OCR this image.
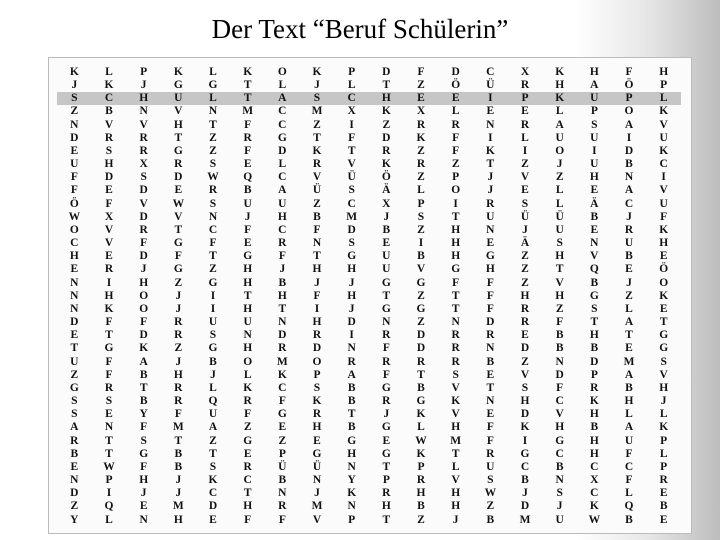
Der Text “Beruf Schülerin”
K	L	P	K	L	K	O	K	P	D	F	D	C	X	K	H	F	H
J	K	J	G	G	T	L	J	L	T	Z	Ö	Ü	R	H	A	Ö	P
S	C	H	U	L	T	A	S	C	H	E	E	I	P	K	U	P	L
Z	B	N	V	N	M	C	M	X	K	X	L	E	E	L	P	O	K
N	V	V	H	T	F	C	Z	I	Z	R	R	N	R	A	S	A	V
D	R	R	T	Z	R	G	T	F	D	K	F	I	L	U	U	I	U
E	S	R	G	Z	F	D	K	T	R	Z	F	K	I	O	I	D	K
U	H	X	R	S	E	L	R	V	K	R	Z	T	Z	J	U	B	C
F	D	S	D	W	Q	C	V	Ü	Ö	Z	P	J	V	Z	H	N	I
F	E	D	E	R	B	A	Ü	S	Ä	L	O	J	E	L	E	A	V
Ö	F	V	W	S	U	U	Z	C	X	P	I	R	S	L	Ä	C	U
W	X	D	V	N	J	H	B	M	J	S	T	U	Ü	Ü	B	J	F
O	V	R	T	C	F	C	F	D	B	Z	H	N	J	U	E	R	K
C	V	F	G	F	E	R	N	S	E	I	H	E	Ä	S	N	U	H
H	E	D	F	T	G	F	T	G	U	B	H	G	Z	H	V	B	E
E	R	J	G	Z	H	J	H	H	U	V	G	H	Z	T	Q	E	Ö
N	I	H	Z	G	H	B	J	J	G	G	F	F	Z	V	B	J	O
N	H	O	J	I	T	H	F	H	T	Z	T	F	H	H	G	Z	K
N	K	O	J	I	H	T	I	J	G	G	T	F	R	Z	S	L	E
D	F	F	R	U	U	N	H	D	N	Z	N	D	R	F	T	A	T
E	T	D	R	S	N	D	R	I	R	D	R	R	E	B	H	T	G
T	G	K	Z	G	H	R	D	N	F	D	R	N	D	B	B	E	G
U	F	A	J	B	O	M	O	R	R	R	R	B	Z	N	D	M	S
Z	F	B	H	J	L	K	P	A	F	T	S	E	V	D	P	A	V
G	R	T	R	L	K	C	S	B	G	B	V	T	S	F	R	B	H
S	S	B	R	Q	R	F	K	B	R	G	K	N	H	C	K	H	J
S	E	Y	F	U	F	G	R	T	J	K	V	E	D	V	H	L	L
A	N	F	M	A	Z	E	H	B	G	L	H	F	K	H	B	A	K
R	T	S	T	Z	G	Z	E	G	E	W	M	F	I	G	H	U	P
B	T	G	B	T	E	P	G	H	G	K	T	R	G	C	H	F	L
E	W	F	B	S	R	Ü	Ü	N	T	P	L	U	C	B	C	C	P
N	P	H	J	K	C	B	N	Y	P	R	V	S	B	N	X	F	R
D	I	J	J	C	T	N	J	K	R	H	H	W	J	S	C	L	E
Z	Q	E	M	D	H	R	M	N	H	B	H	Z	D	J	K	Q	B
Y	L	N	H	E	F	F	V	P	T	Z	J	B	M	U	W	B	E
